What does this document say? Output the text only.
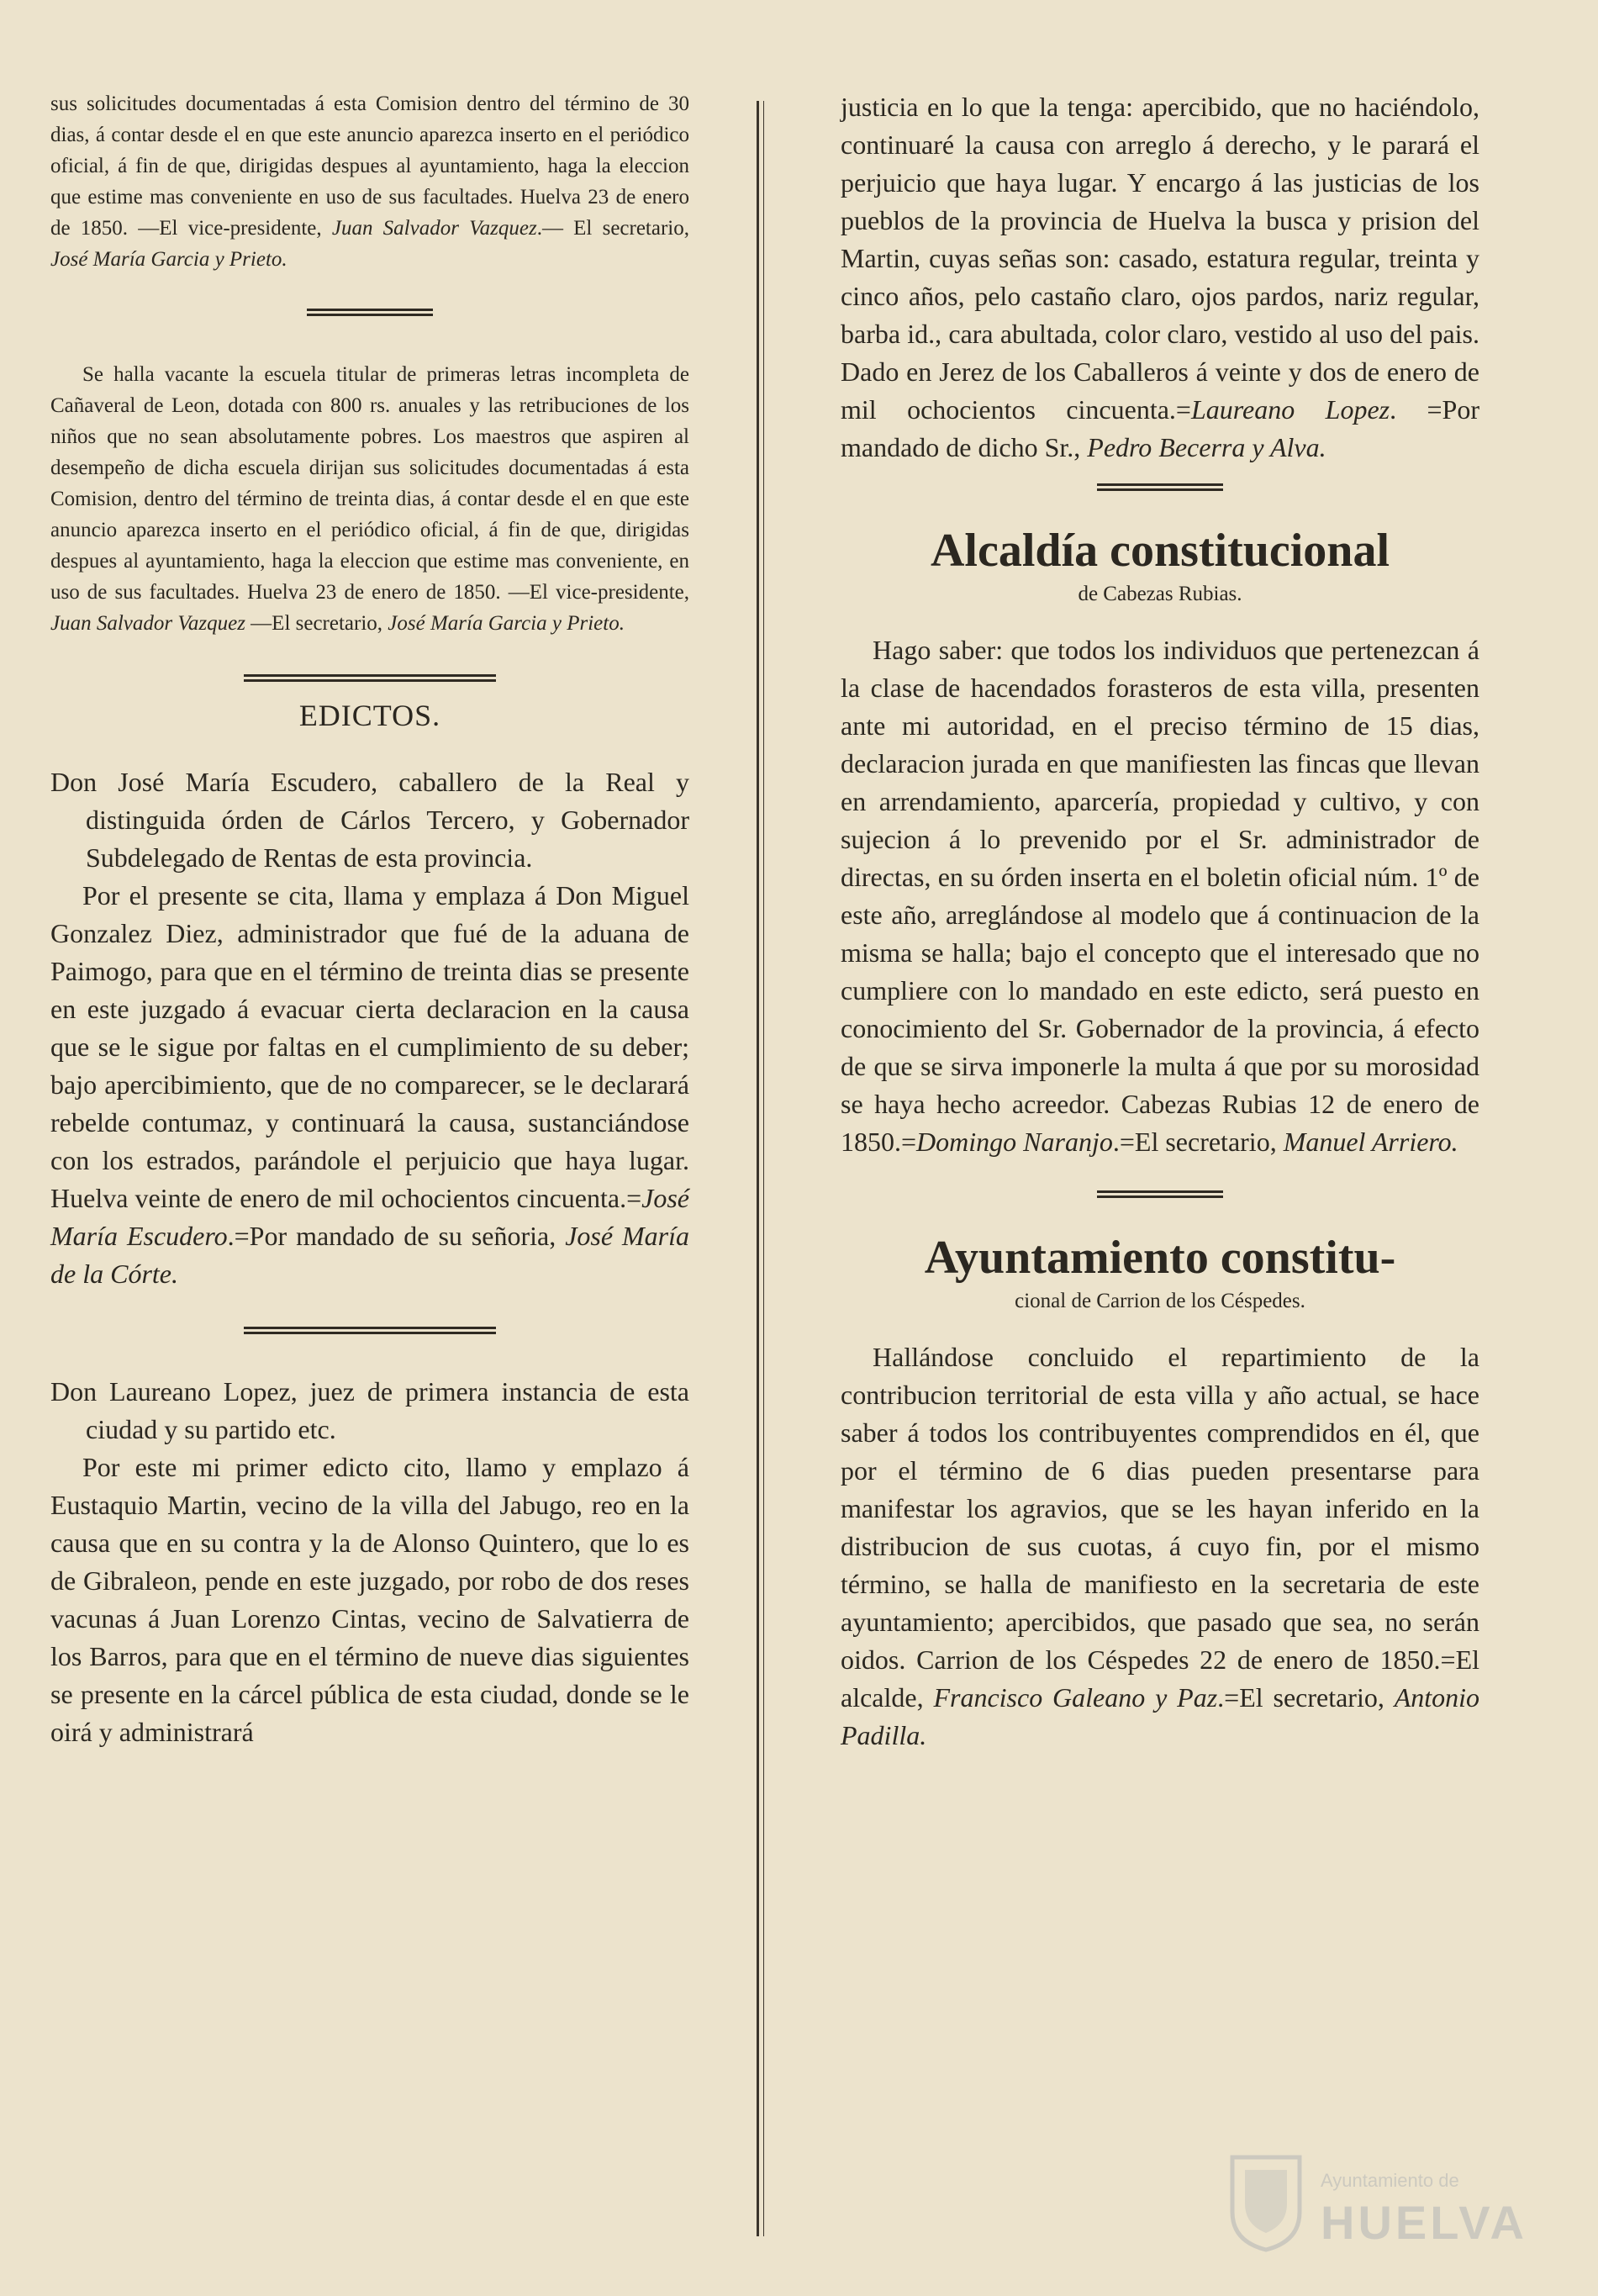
sus solicitudes documentadas á esta Comision dentro del término de 30 dias, á contar desde el en que este anuncio aparezca inserto en el periódico oficial, á fin de que, dirigidas despues al ayuntamiento, haga la eleccion que estime mas conveniente en uso de sus facultades. Huelva 23 de enero de 1850. —El vice-presidente, Juan Salvador Vazquez.— El secretario, José María Garcia y Prieto.

Se halla vacante la escuela titular de primeras letras incompleta de Cañaveral de Leon, dotada con 800 rs. anuales y las retribuciones de los niños que no sean absolutamente pobres. Los maestros que aspiren al desempeño de dicha escuela dirijan sus solicitudes documentadas á esta Comision, dentro del término de treinta dias, á contar desde el en que este anuncio aparezca inserto en el periódico oficial, á fin de que, dirigidas despues al ayuntamiento, haga la eleccion que estime mas conveniente, en uso de sus facultades. Huelva 23 de enero de 1850. —El vice-presidente, Juan Salvador Vazquez —El secretario, José María Garcia y Prieto.

EDICTOS.

Don José María Escudero, caballero de la Real y distinguida órden de Cárlos Tercero, y Gobernador Subdelegado de Rentas de esta provincia.

Por el presente se cita, llama y emplaza á Don Miguel Gonzalez Diez, administrador que fué de la aduana de Paimogo, para que en el término de treinta dias se presente en este juzgado á evacuar cierta declaracion en la causa que se le sigue por faltas en el cumplimiento de su deber; bajo apercibimiento, que de no comparecer, se le declarará rebelde contumaz, y continuará la causa, sustanciándose con los estrados, parándole el perjuicio que haya lugar. Huelva veinte de enero de mil ochocientos cincuenta.=José María Escudero.=Por mandado de su señoria, José María de la Córte.

Don Laureano Lopez, juez de primera instancia de esta ciudad y su partido etc.

Por este mi primer edicto cito, llamo y emplazo á Eustaquio Martin, vecino de la villa del Jabugo, reo en la causa que en su contra y la de Alonso Quintero, que lo es de Gibraleon, pende en este juzgado, por robo de dos reses vacunas á Juan Lorenzo Cintas, vecino de Salvatierra de los Barros, para que en el término de nueve dias siguientes se presente en la cárcel pública de esta ciudad, donde se le oirá y administrará

justicia en lo que la tenga: apercibido, que no haciéndolo, continuaré la causa con arreglo á derecho, y le parará el perjuicio que haya lugar. Y encargo á las justicias de los pueblos de la provincia de Huelva la busca y prision del Martin, cuyas señas son: casado, estatura regular, treinta y cinco años, pelo castaño claro, ojos pardos, nariz regular, barba id., cara abultada, color claro, vestido al uso del pais. Dado en Jerez de los Caballeros á veinte y dos de enero de mil ochocientos cincuenta.=Laureano Lopez. =Por mandado de dicho Sr., Pedro Becerra y Alva.

Alcaldía constitucional
de Cabezas Rubias.

Hago saber: que todos los individuos que pertenezcan á la clase de hacendados forasteros de esta villa, presenten ante mi autoridad, en el preciso término de 15 dias, declaracion jurada en que manifiesten las fincas que llevan en arrendamiento, aparcería, propiedad y cultivo, y con sujecion á lo prevenido por el Sr. administrador de directas, en su órden inserta en el boletin oficial núm. 1º de este año, arreglándose al modelo que á continuacion de la misma se halla; bajo el concepto que el interesado que no cumpliere con lo mandado en este edicto, será puesto en conocimiento del Sr. Gobernador de la provincia, á efecto de que se sirva imponerle la multa á que por su morosidad se haya hecho acreedor. Cabezas Rubias 12 de enero de 1850.=Domingo Naranjo.=El secretario, Manuel Arriero.

Ayuntamiento constitu-
cional de Carrion de los Céspedes.

Hallándose concluido el repartimiento de la contribucion territorial de esta villa y año actual, se hace saber á todos los contribuyentes comprendidos en él, que por el término de 6 dias pueden presentarse para manifestar los agravios, que se les hayan inferido en la distribucion de sus cuotas, á cuyo fin, por el mismo término, se halla de manifiesto en la secretaria de este ayuntamiento; apercibidos, que pasado que sea, no serán oidos. Carrion de los Céspedes 22 de enero de 1850.=El alcalde, Francisco Galeano y Paz.=El secretario, Antonio Padilla.

Ayuntamiento de
HUELVA
